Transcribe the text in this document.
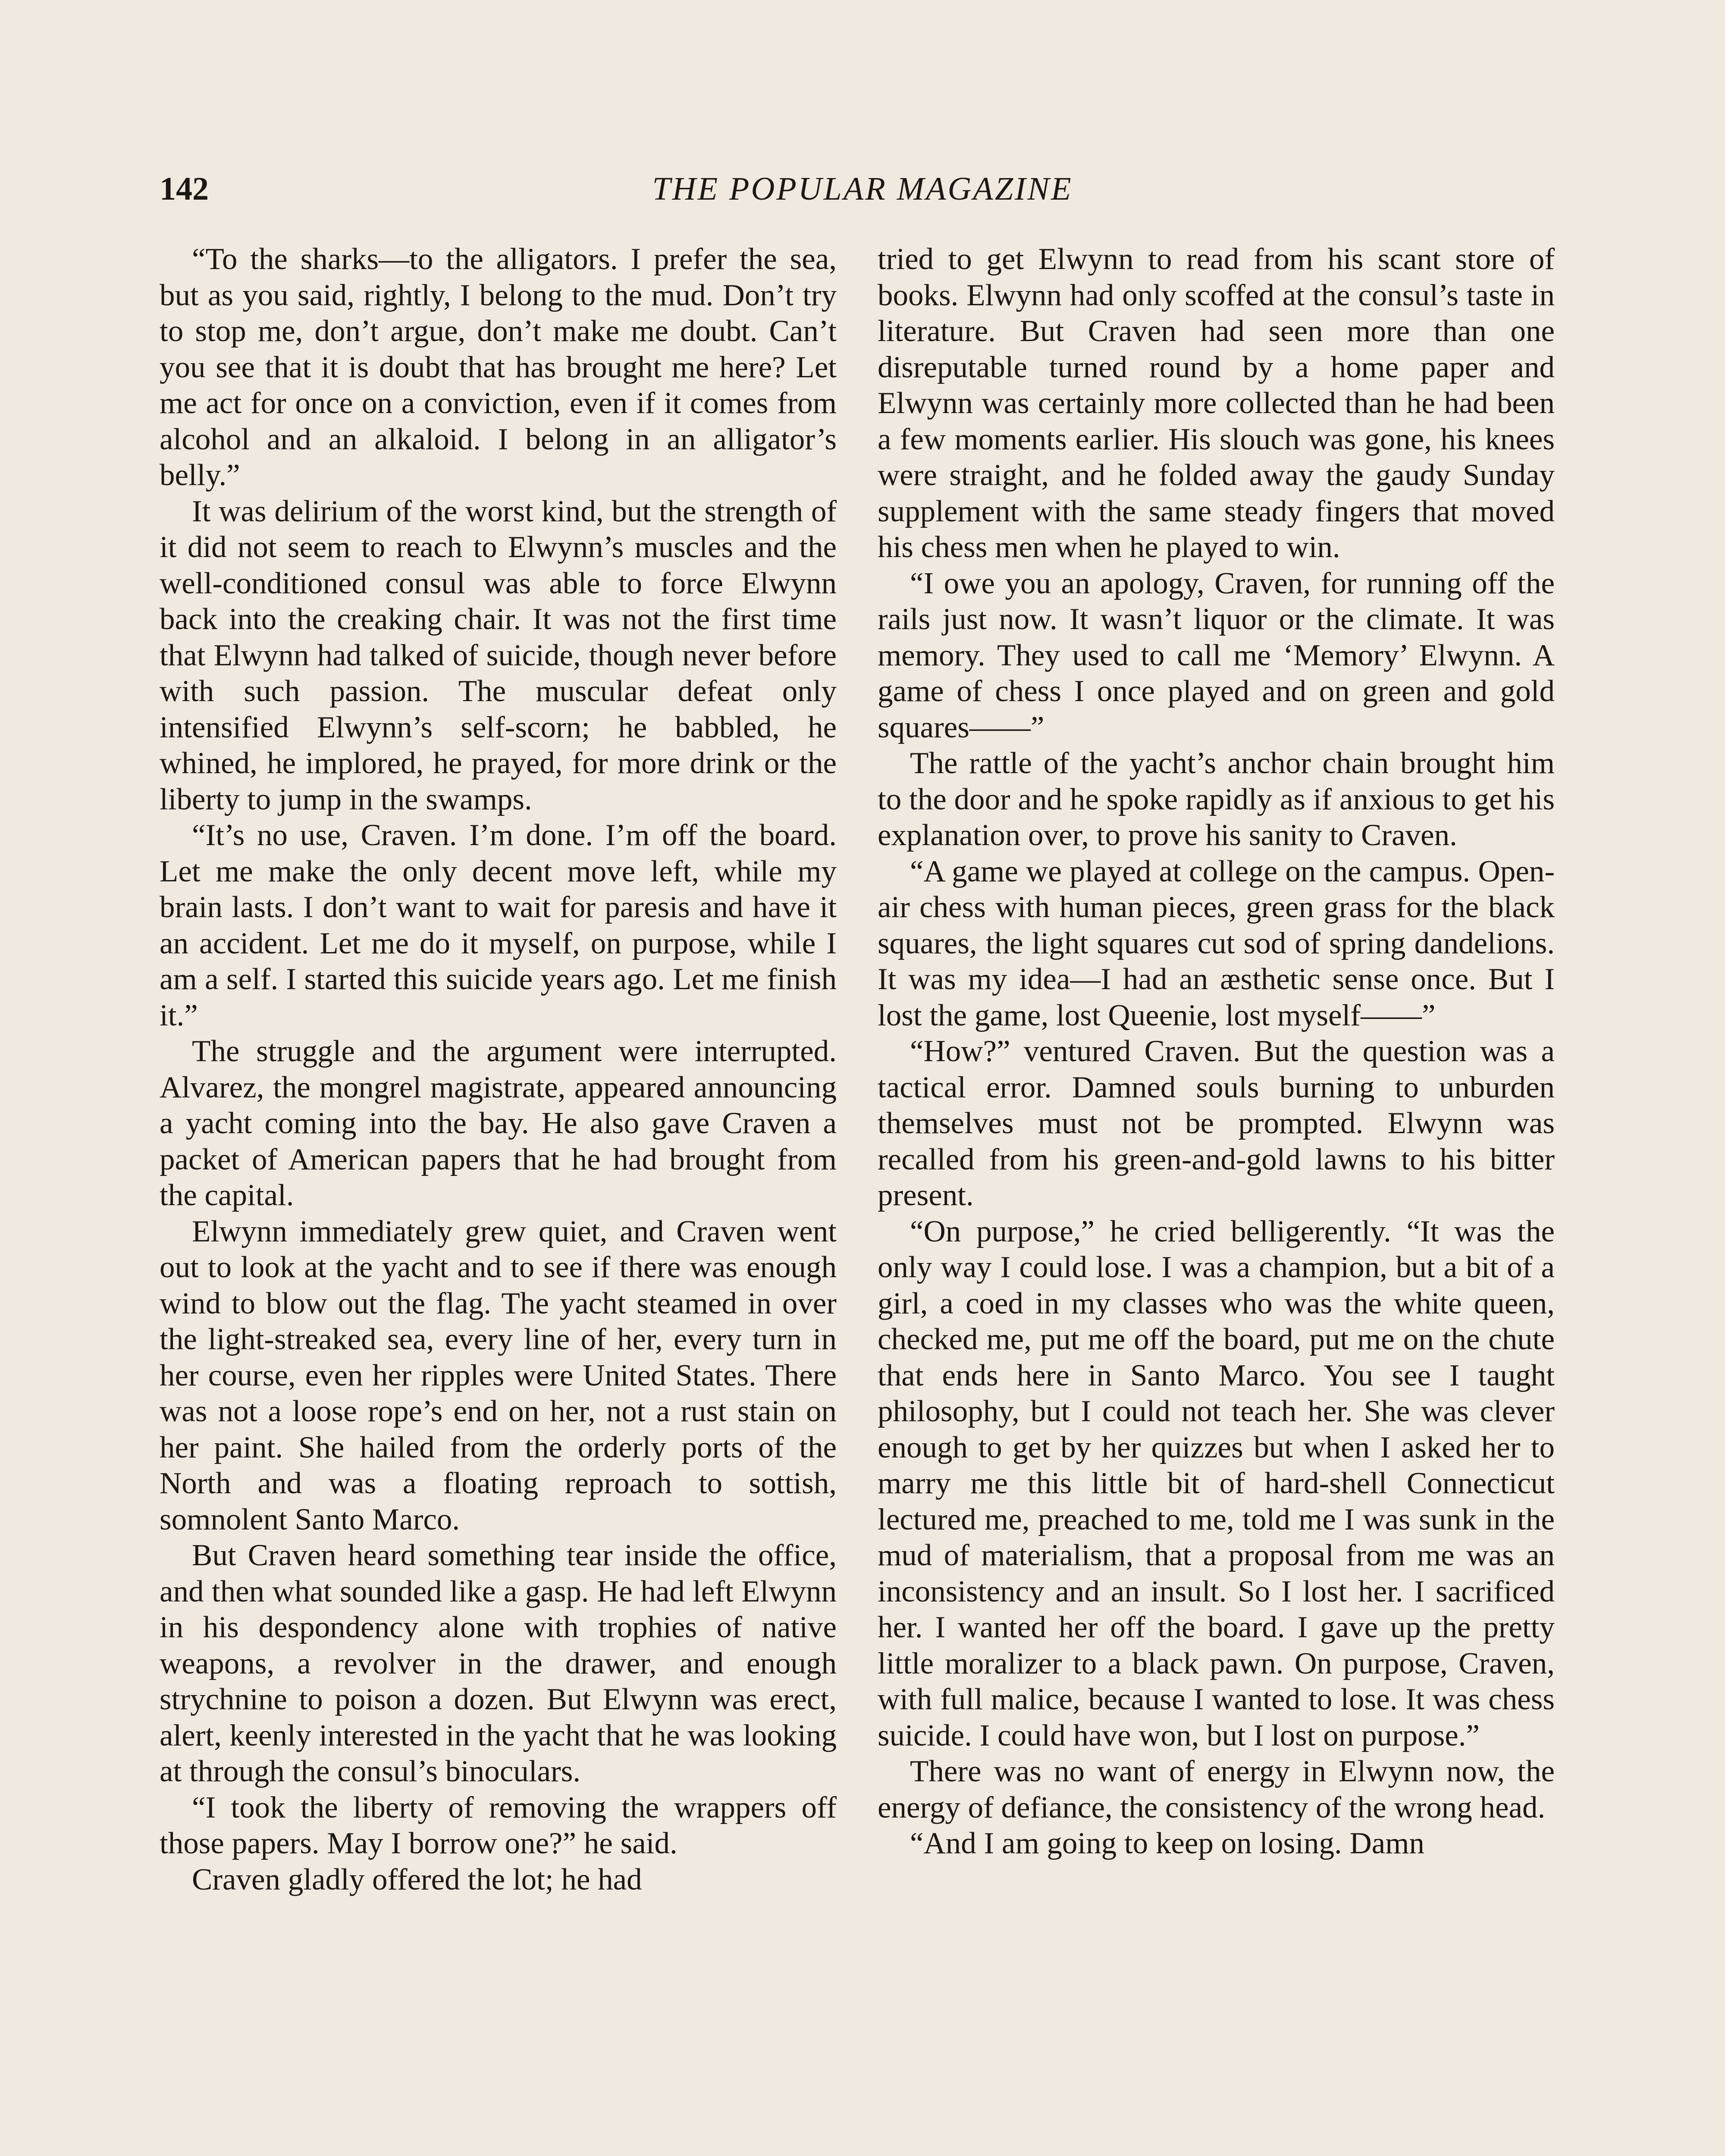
142	THE POPULAR MAGAZINE

“To the sharks—to the alligators. I prefer the sea, but as you said, rightly, I belong to the mud. Don’t try to stop me, don’t argue, don’t make me doubt. Can’t you see that it is doubt that has brought me here? Let me act for once on a conviction, even if it comes from alcohol and an alkaloid. I belong in an alligator’s belly.”

It was delirium of the worst kind, but the strength of it did not seem to reach to Elwynn’s muscles and the well-conditioned consul was able to force Elwynn back into the creaking chair. It was not the first time that Elwynn had talked of suicide, though never before with such passion. The muscular defeat only intensified Elwynn’s self-scorn; he babbled, he whined, he implored, he prayed, for more drink or the liberty to jump in the swamps.

“It’s no use, Craven. I’m done. I’m off the board. Let me make the only decent move left, while my brain lasts. I don’t want to wait for paresis and have it an accident. Let me do it myself, on purpose, while I am a self. I started this suicide years ago. Let me finish it.”

The struggle and the argument were interrupted. Alvarez, the mongrel magistrate, appeared announcing a yacht coming into the bay. He also gave Craven a packet of American papers that he had brought from the capital.

Elwynn immediately grew quiet, and Craven went out to look at the yacht and to see if there was enough wind to blow out the flag. The yacht steamed in over the light-streaked sea, every line of her, every turn in her course, even her ripples were United States. There was not a loose rope’s end on her, not a rust stain on her paint. She hailed from the orderly ports of the North and was a floating reproach to sottish, somnolent Santo Marco.

But Craven heard something tear inside the office, and then what sounded like a gasp. He had left Elwynn in his despondency alone with trophies of native weapons, a revolver in the drawer, and enough strychnine to poison a dozen. But Elwynn was erect, alert, keenly interested in the yacht that he was looking at through the consul’s binoculars.

“I took the liberty of removing the wrappers off those papers. May I borrow one?” he said.

Craven gladly offered the lot; he had

tried to get Elwynn to read from his scant store of books. Elwynn had only scoffed at the consul’s taste in literature. But Craven had seen more than one disreputable turned round by a home paper and Elwynn was certainly more collected than he had been a few moments earlier. His slouch was gone, his knees were straight, and he folded away the gaudy Sunday supplement with the same steady fingers that moved his chess men when he played to win.

“I owe you an apology, Craven, for running off the rails just now. It wasn’t liquor or the climate. It was memory. They used to call me ‘Memory’ Elwynn. A game of chess I once played and on green and gold squares——”

The rattle of the yacht’s anchor chain brought him to the door and he spoke rapidly as if anxious to get his explanation over, to prove his sanity to Craven.

“A game we played at college on the campus. Open-air chess with human pieces, green grass for the black squares, the light squares cut sod of spring dandelions. It was my idea—I had an æsthetic sense once. But I lost the game, lost Queenie, lost myself——”

“How?” ventured Craven. But the question was a tactical error. Damned souls burning to unburden themselves must not be prompted. Elwynn was recalled from his green-and-gold lawns to his bitter present.

“On purpose,” he cried belligerently. “It was the only way I could lose. I was a champion, but a bit of a girl, a coed in my classes who was the white queen, checked me, put me off the board, put me on the chute that ends here in Santo Marco. You see I taught philosophy, but I could not teach her. She was clever enough to get by her quizzes but when I asked her to marry me this little bit of hard-shell Connecticut lectured me, preached to me, told me I was sunk in the mud of materialism, that a proposal from me was an inconsistency and an insult. So I lost her. I sacrificed her. I wanted her off the board. I gave up the pretty little moralizer to a black pawn. On purpose, Craven, with full malice, because I wanted to lose. It was chess suicide. I could have won, but I lost on purpose.”

There was no want of energy in Elwynn now, the energy of defiance, the consistency of the wrong head.

“And I am going to keep on losing. Damn
